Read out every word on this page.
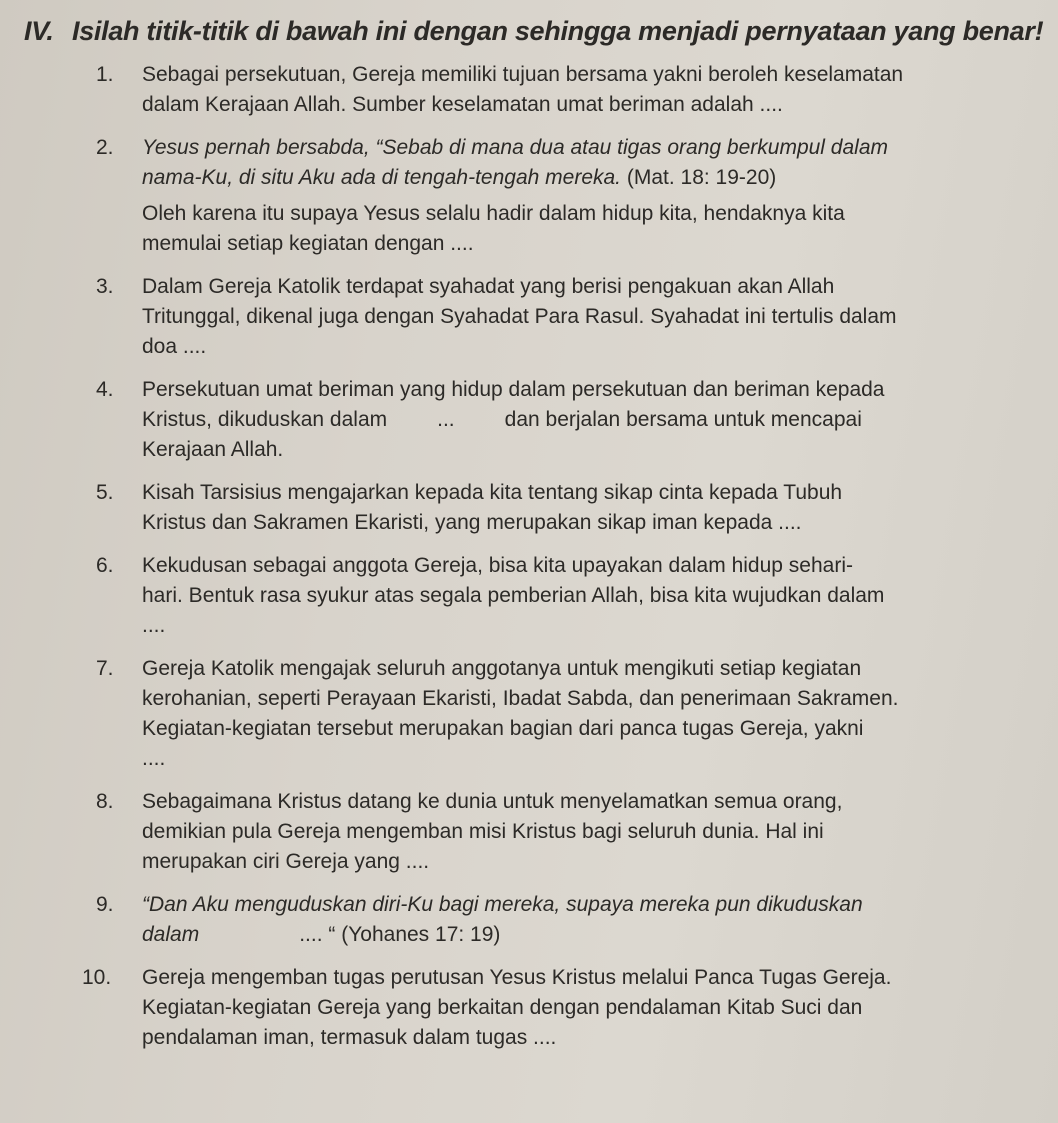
IV. Isilah titik-titik di bawah ini dengan sehingga menjadi pernyataan yang benar!
1.	Sebagai persekutuan, Gereja memiliki tujuan bersama yakni beroleh keselamatan

dalam Kerajaan Allah. Sumber keselamatan umat beriman adalah ....

2.	Yesus pernah bersabda, “Sebab di mana dua atau tigas orang berkumpul dalam

nama-Ku, di situ Aku ada di tengah-tengah mereka. (Mat. 18: 19-20)

Oleh karena itu supaya Yesus selalu hadir dalam hidup kita, hendaknya kita

memulai setiap kegiatan dengan ....

3.	Dalam Gereja Katolik terdapat syahadat yang berisi pengakuan akan Allah

Tritunggal, dikenal juga dengan Syahadat Para Rasul. Syahadat ini tertulis dalam

doa ....

4.	Persekutuan umat beriman yang hidup dalam persekutuan dan beriman kepada

Kristus, dikuduskan dalam ... dan berjalan bersama untuk mencapai

Kerajaan Allah.

5.	Kisah Tarsisius mengajarkan kepada kita tentang sikap cinta kepada Tubuh

Kristus dan Sakramen Ekaristi, yang merupakan sikap iman kepada ....

6.	Kekudusan sebagai anggota Gereja, bisa kita upayakan dalam hidup sehari-

hari. Bentuk rasa syukur atas segala pemberian Allah, bisa kita wujudkan dalam

....

7.	Gereja Katolik mengajak seluruh anggotanya untuk mengikuti setiap kegiatan

kerohanian, seperti Perayaan Ekaristi, Ibadat Sabda, dan penerimaan Sakramen.

Kegiatan-kegiatan tersebut merupakan bagian dari panca tugas Gereja, yakni

....

8.	Sebagaimana Kristus datang ke dunia untuk menyelamatkan semua orang,

demikian pula Gereja mengemban misi Kristus bagi seluruh dunia. Hal ini

merupakan ciri Gereja yang ....

9.	“Dan Aku menguduskan diri-Ku bagi mereka, supaya mereka pun dikuduskan

dalam	.... “ (Yohanes 17: 19)

10.	Gereja mengemban tugas perutusan Yesus Kristus melalui Panca Tugas Gereja.

Kegiatan-kegiatan Gereja yang berkaitan dengan pendalaman Kitab Suci dan

pendalaman iman, termasuk dalam tugas ....
